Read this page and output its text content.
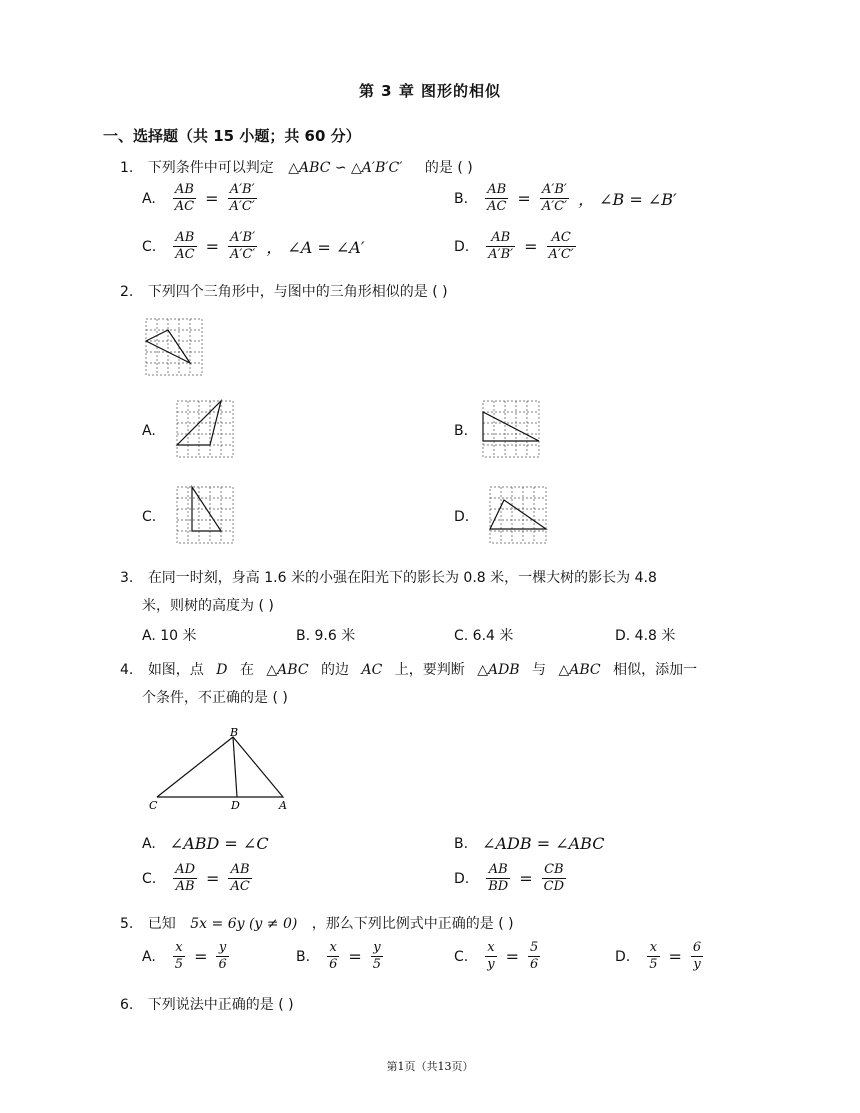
第 3 章 图形的相似
一、选择题（共 15 小题；共 60 分）
1. 下列条件中可以判定 △ABC ∽ △A′B′C′ 的是 ( )
A. $\frac{AB}{AC} = \frac{A'B'}{A'C'}$	B. $\frac{AB}{AC} = \frac{A'B'}{A'C'}$ ， ∠B = ∠B′
C. $\frac{AB}{AC} = \frac{A'B'}{A'C'}$ ， ∠A = ∠A′	D. $\frac{AB}{A'B'} = \frac{AC}{A'C'}$
2. 下列四个三角形中，与图中的三角形相似的是 ( )
A.	B.
C.	D.
3. 在同一时刻，身高 1.6 米的小强在阳光下的影长为 0.8 米，一棵大树的影长为 4.8
米，则树的高度为 ( )
A. 10 米	B. 9.6 米	C. 6.4 米	D. 4.8 米
4. 如图，点 D 在 △ABC 的边 AC 上，要判断 △ADB 与 △ABC 相似，添加一
个条件，不正确的是 ( )
B
C	D	A
A. ∠ABD = ∠C	B. ∠ADB = ∠ABC
C. $\frac{AD}{AB} = \frac{AB}{AC}$	D. $\frac{AB}{BD} = \frac{CB}{CD}$
5. 已知 5x = 6y (y ≠ 0) ，那么下列比例式中正确的是 ( )
A. $\frac{x}{5} = \frac{y}{6}$	B. $\frac{x}{6} = \frac{y}{5}$	C. $\frac{x}{y} = \frac{5}{6}$	D. $\frac{x}{5} = \frac{6}{y}$
6. 下列说法中正确的是 ( )
第1页（共13页）
